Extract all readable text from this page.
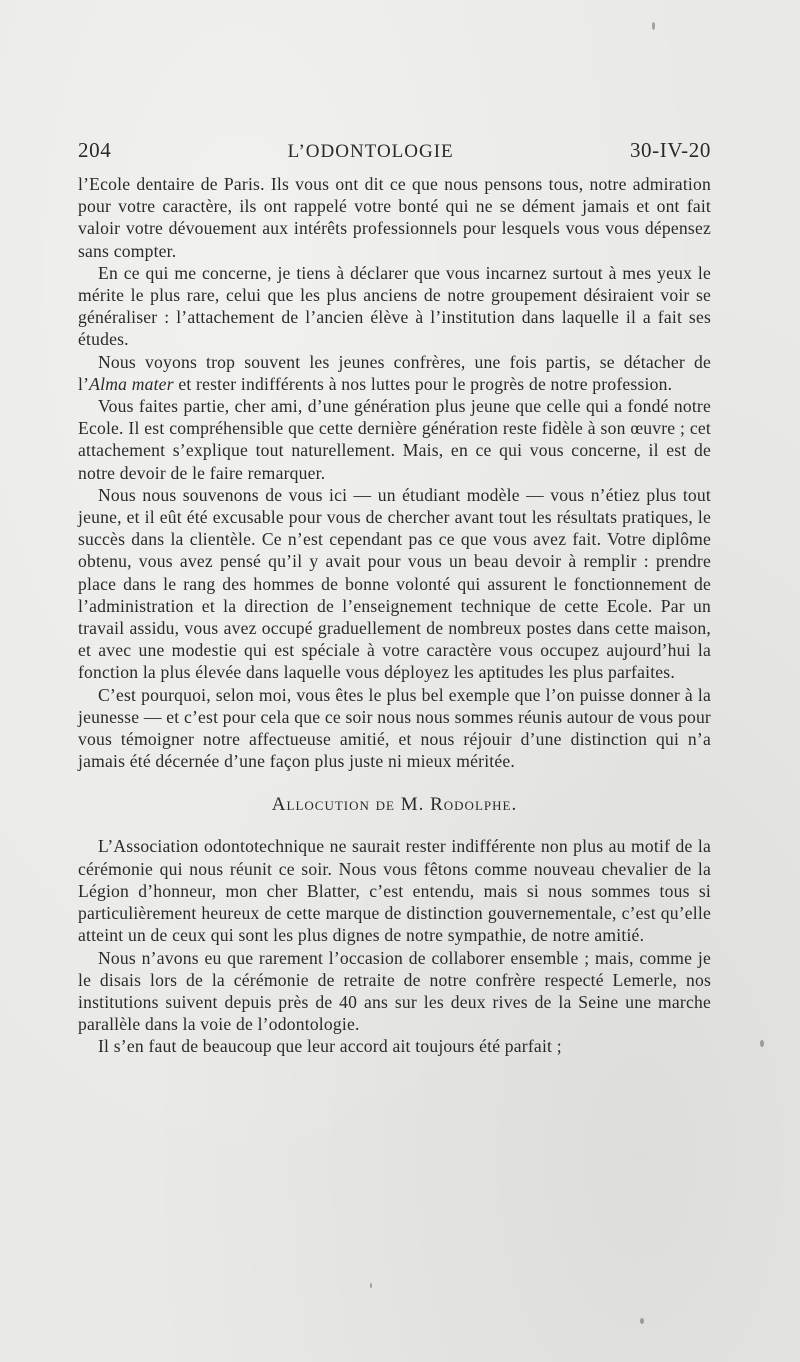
204	L’ODONTOLOGIE	30-IV-20

l’Ecole dentaire de Paris. Ils vous ont dit ce que nous pensons tous, notre admiration pour votre caractère, ils ont rappelé votre bonté qui ne se dément jamais et ont fait valoir votre dévouement aux intérêts professionnels pour lesquels vous vous dépensez sans compter.

En ce qui me concerne, je tiens à déclarer que vous incarnez surtout à mes yeux le mérite le plus rare, celui que les plus anciens de notre groupement désiraient voir se généraliser : l’attachement de l’ancien élève à l’institution dans laquelle il a fait ses études.

Nous voyons trop souvent les jeunes confrères, une fois partis, se détacher de l’Alma mater et rester indifférents à nos luttes pour le progrès de notre profession.

Vous faites partie, cher ami, d’une génération plus jeune que celle qui a fondé notre Ecole. Il est compréhensible que cette dernière génération reste fidèle à son œuvre ; cet attachement s’explique tout naturellement. Mais, en ce qui vous concerne, il est de notre devoir de le faire remarquer.

Nous nous souvenons de vous ici — un étudiant modèle — vous n’étiez plus tout jeune, et il eût été excusable pour vous de chercher avant tout les résultats pratiques, le succès dans la clientèle. Ce n’est cependant pas ce que vous avez fait. Votre diplôme obtenu, vous avez pensé qu’il y avait pour vous un beau devoir à remplir : prendre place dans le rang des hommes de bonne volonté qui assurent le fonctionnement de l’administration et la direction de l’enseignement technique de cette Ecole. Par un travail assidu, vous avez occupé graduellement de nombreux postes dans cette maison, et avec une modestie qui est spéciale à votre caractère vous occupez aujourd’hui la fonction la plus élevée dans laquelle vous déployez les aptitudes les plus parfaites.

C’est pourquoi, selon moi, vous êtes le plus bel exemple que l’on puisse donner à la jeunesse — et c’est pour cela que ce soir nous nous sommes réunis autour de vous pour vous témoigner notre affectueuse amitié, et nous réjouir d’une distinction qui n’a jamais été décernée d’une façon plus juste ni mieux méritée.

Allocution de M. Rodolphe.

L’Association odontotechnique ne saurait rester indifférente non plus au motif de la cérémonie qui nous réunit ce soir. Nous vous fêtons comme nouveau chevalier de la Légion d’honneur, mon cher Blatter, c’est entendu, mais si nous sommes tous si particulièrement heureux de cette marque de distinction gouvernementale, c’est qu’elle atteint un de ceux qui sont les plus dignes de notre sympathie, de notre amitié.

Nous n’avons eu que rarement l’occasion de collaborer ensemble ; mais, comme je le disais lors de la cérémonie de retraite de notre confrère respecté Lemerle, nos institutions suivent depuis près de 40 ans sur les deux rives de la Seine une marche parallèle dans la voie de l’odontologie.

Il s’en faut de beaucoup que leur accord ait toujours été parfait ;
